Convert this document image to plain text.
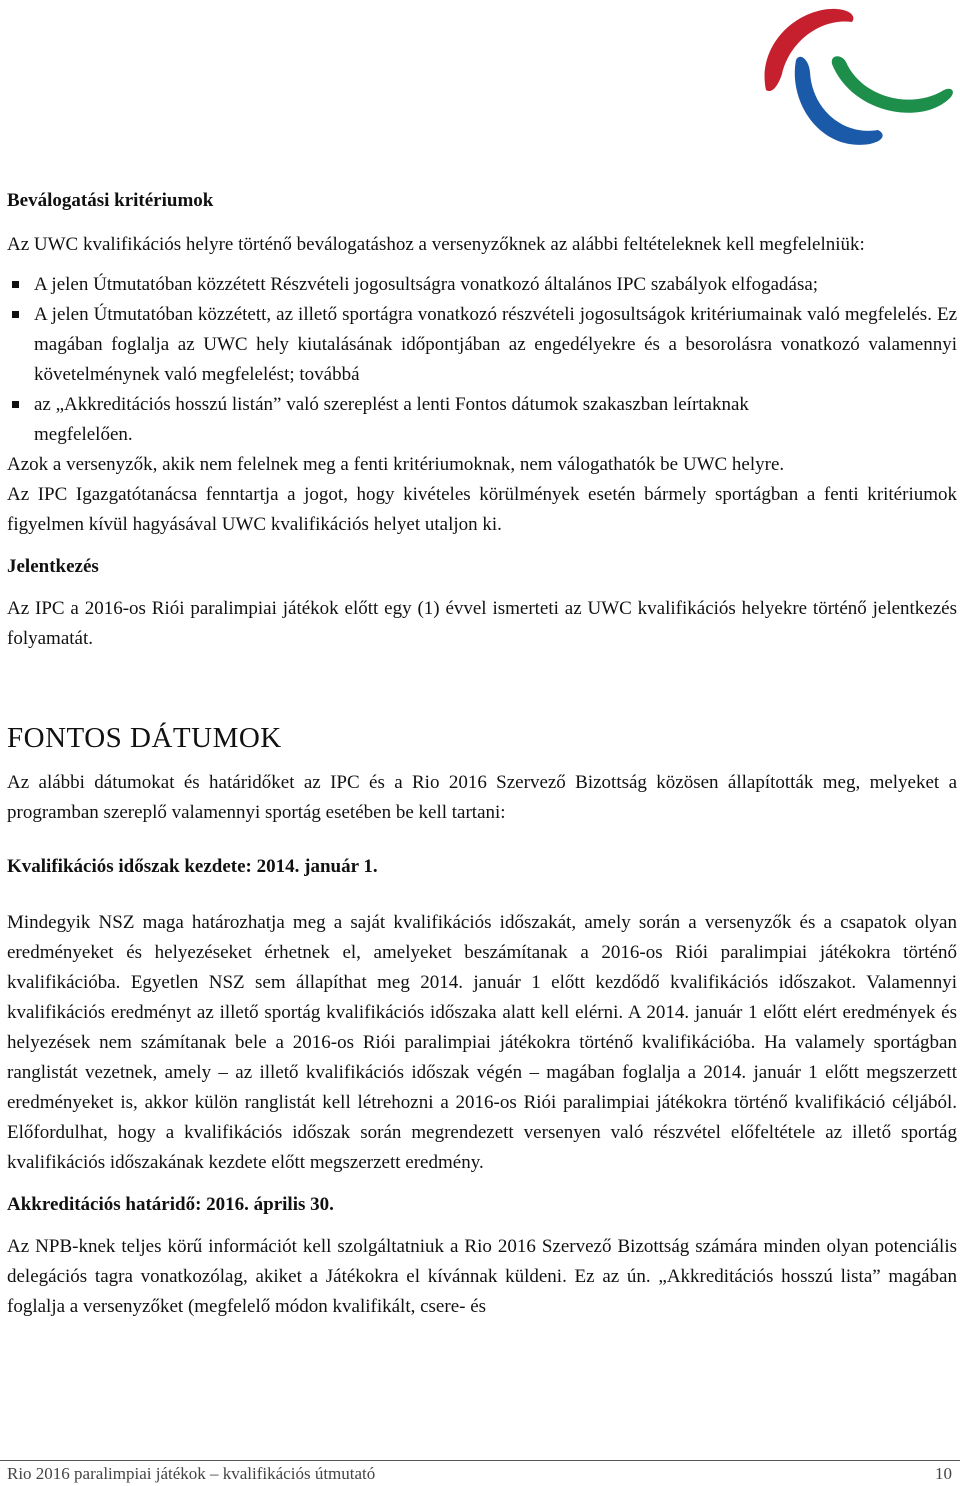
Beválogatási kritériumok

Az UWC kvalifikációs helyre történő beválogatáshoz a versenyzőknek az alábbi feltételeknek kell megfelelniük:

A jelen Útmutatóban közzétett Részvételi jogosultságra vonatkozó általános IPC szabályok elfogadása;
A jelen Útmutatóban közzétett, az illető sportágra vonatkozó részvételi jogosultságok kritériumainak való megfelelés. Ez magában foglalja az UWC hely kiutalásának időpontjában az engedélyekre és a besorolásra vonatkozó valamennyi követelménynek való megfelelést; továbbá
az „Akkreditációs hosszú listán” való szereplést a lenti Fontos dátumok szakaszban leírtaknak

megfelelően.

Azok a versenyzők, akik nem felelnek meg a fenti kritériumoknak, nem válogathatók be UWC helyre.

Az IPC Igazgatótanácsa fenntartja a jogot, hogy kivételes körülmények esetén bármely sportágban a fenti kritériumok figyelmen kívül hagyásával UWC kvalifikációs helyet utaljon ki.

Jelentkezés

Az IPC a 2016-os Riói paralimpiai játékok előtt egy (1) évvel ismerteti az UWC kvalifikációs helyekre történő jelentkezés folyamatát.

FONTOS DÁTUMOK

Az alábbi dátumokat és határidőket az IPC és a Rio 2016 Szervező Bizottság közösen állapították meg, melyeket a programban szereplő valamennyi sportág esetében be kell tartani:

Kvalifikációs időszak kezdete: 2014. január 1.

Mindegyik NSZ maga határozhatja meg a saját kvalifikációs időszakát, amely során a versenyzők és a csapatok olyan eredményeket és helyezéseket érhetnek el, amelyeket beszámítanak a 2016-os Riói paralimpiai játékokra történő kvalifikációba. Egyetlen NSZ sem állapíthat meg 2014. január 1 előtt kezdődő kvalifikációs időszakot. Valamennyi kvalifikációs eredményt az illető sportág kvalifikációs időszaka alatt kell elérni. A 2014. január 1 előtt elért eredmények és helyezések nem számítanak bele a 2016-os Riói paralimpiai játékokra történő kvalifikációba. Ha valamely sportágban ranglistát vezetnek, amely – az illető kvalifikációs időszak végén – magában foglalja a 2014. január 1 előtt megszerzett eredményeket is, akkor külön ranglistát kell létrehozni a 2016-os Riói paralimpiai játékokra történő kvalifikáció céljából. Előfordulhat, hogy a kvalifikációs időszak során megrendezett versenyen való részvétel előfeltétele az illető sportág kvalifikációs időszakának kezdete előtt megszerzett eredmény.

Akkreditációs határidő: 2016. április 30.

Az NPB-knek teljes körű információt kell szolgáltatniuk a Rio 2016 Szervező Bizottság számára minden olyan potenciális delegációs tagra vonatkozólag, akiket a Játékokra el kívánnak küldeni. Ez az ún. „Akkreditációs hosszú lista” magában foglalja a versenyzőket (megfelelő módon kvalifikált, csere- és

Rio 2016 paralimpiai játékok – kvalifikációs útmutató	10
